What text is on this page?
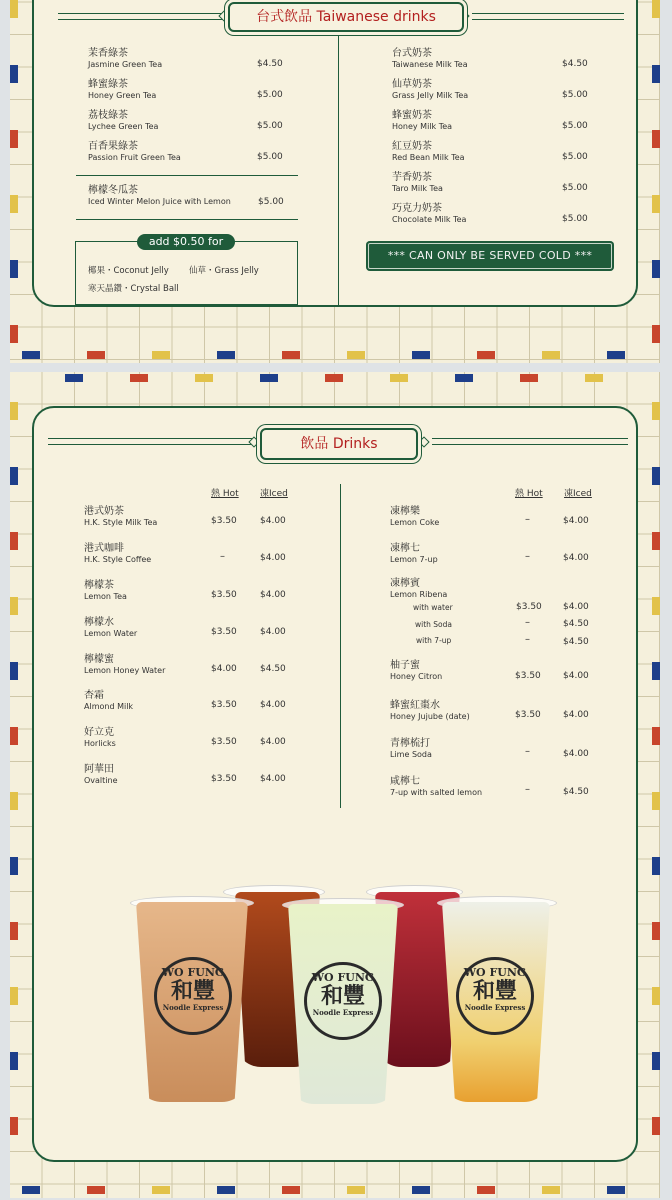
台式飲品 Taiwanese drinks
茉香綠茶
Jasmine Green Tea	$4.50
蜂蜜綠茶
Honey Green Tea	$5.00
荔枝綠茶
Lychee Green Tea	$5.00
百香果綠茶
Passion Fruit Green Tea	$5.00
檸檬冬瓜茶
Iced Winter Melon Juice with Lemon	$5.00
add $0.50 for
椰果・Coconut Jelly 仙草・Grass Jelly
寒天晶鑽・Crystal Ball
台式奶茶
Taiwanese Milk Tea	$4.50
仙草奶茶
Grass Jelly Milk Tea	$5.00
蜂蜜奶茶
Honey Milk Tea	$5.00
紅豆奶茶
Red Bean Milk Tea	$5.00
芋香奶茶
Taro Milk Tea	$5.00
巧克力奶茶
Chocolate Milk Tea	$5.00
*** CAN ONLY BE SERVED COLD ***
飲品 Drinks
熱 Hot 凍Iced	熱 Hot 凍Iced
港式奶茶
H.K. Style Milk Tea	$3.50	$4.00
港式咖啡
H.K. Style Coffee	–	$4.00
檸檬茶
Lemon Tea	$3.50	$4.00
檸檬水
Lemon Water	$3.50	$4.00
檸檬蜜
Lemon Honey Water	$4.00	$4.50
杏霜
Almond Milk	$3.50	$4.00
好立克
Horlicks	$3.50	$4.00
阿華田
Ovaltine	$3.50	$4.00
凍檸樂
Lemon Coke	–	$4.00
凍檸七
Lemon 7-up	–	$4.00
凍檸賓
Lemon Ribena
with water	$3.50 $4.00
with Soda	–	$4.50
with 7-up	–	$4.50
柚子蜜
Honey Citron	$3.50 $4.00
蜂蜜紅棗水
Honey Jujube (date)	$3.50 $4.00
青檸梳打
Lime Soda	–	$4.00
咸檸七
7-up with salted lemon	–	$4.50
WO FUNG
和豐
Noodle Express
WO FUNG
和豐
Noodle Express
WO FUNG
和豐
Noodle Express
